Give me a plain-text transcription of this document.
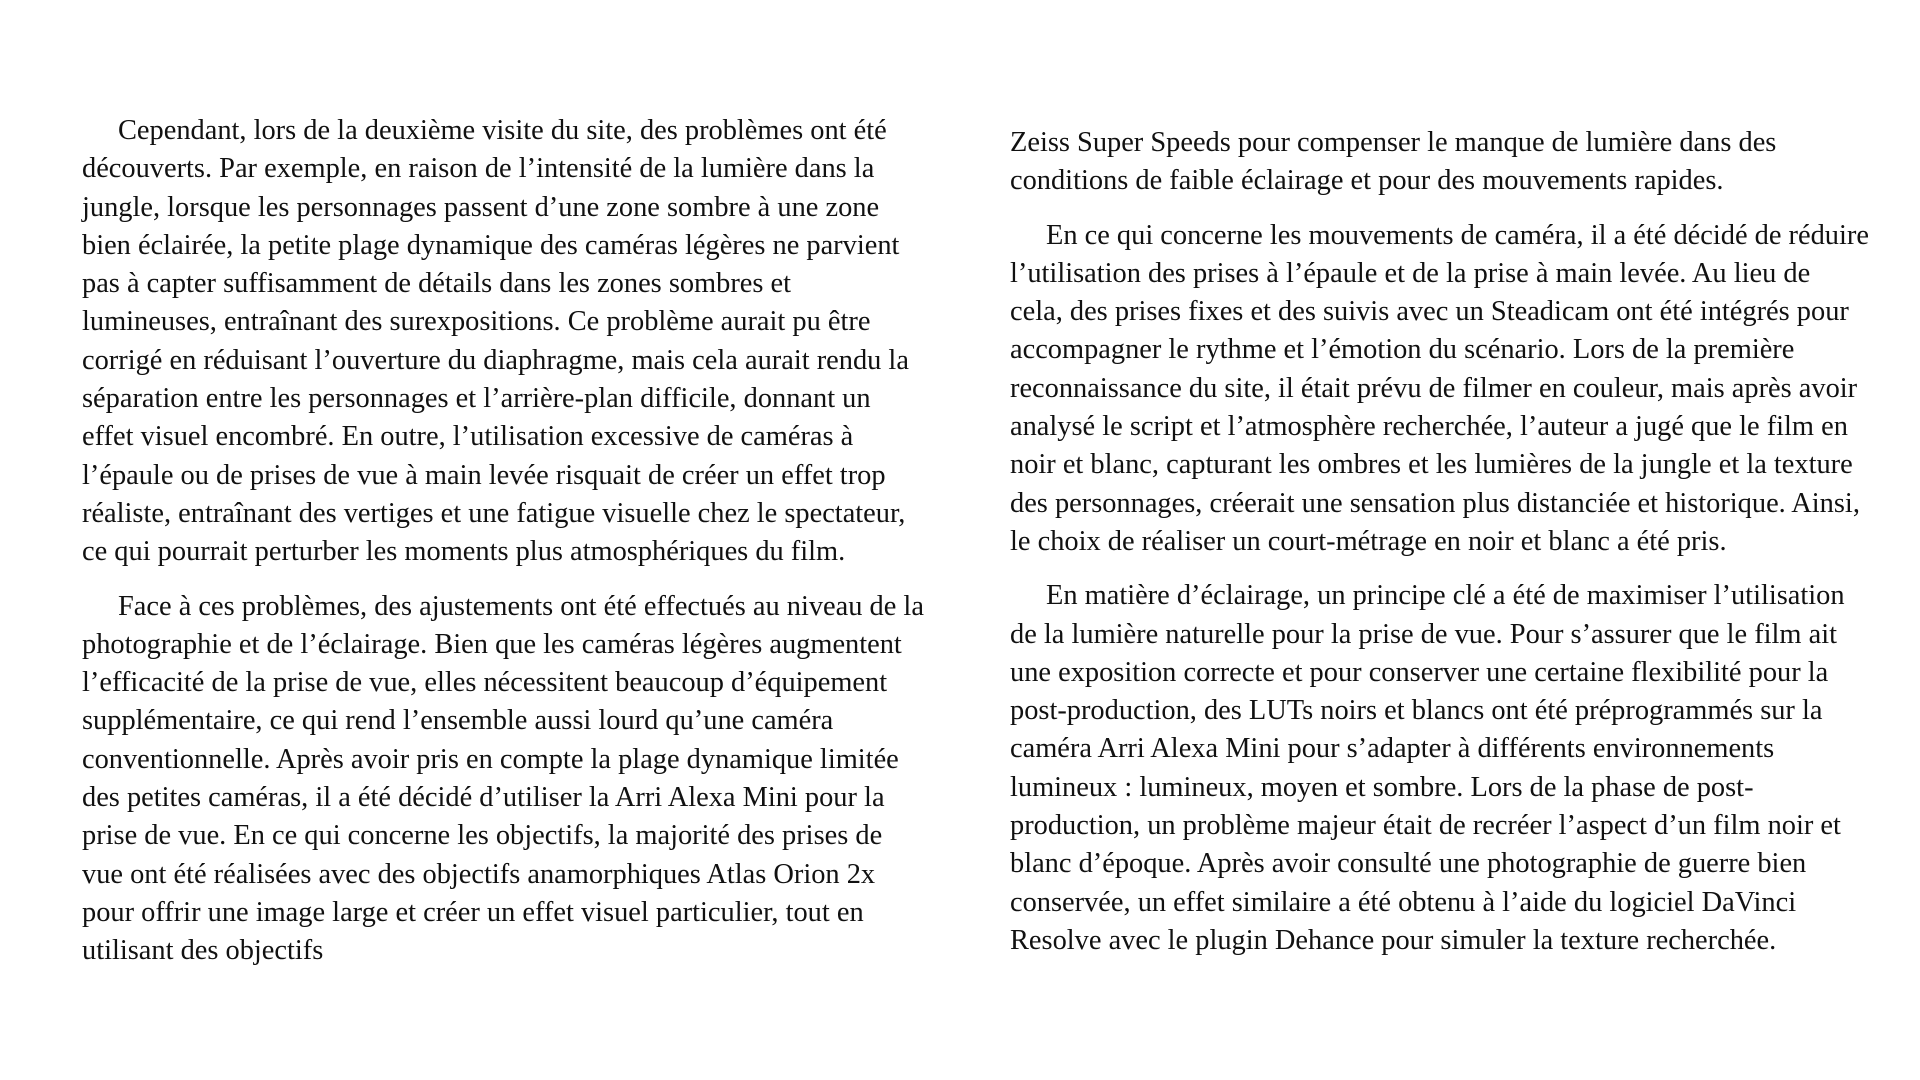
Cependant, lors de la deuxième visite du site, des problèmes ont été découverts. Par exemple, en raison de l’intensité de la lumière dans la jungle, lorsque les personnages passent d’une zone sombre à une zone bien éclairée, la petite plage dynamique des caméras légères ne parvient pas à capter suffisamment de détails dans les zones sombres et lumineuses, entraînant des surexpositions. Ce problème aurait pu être corrigé en réduisant l’ouverture du diaphragme, mais cela aurait rendu la séparation entre les personnages et l’arrière-plan difficile, donnant un effet visuel encombré. En outre, l’utilisation excessive de caméras à l’épaule ou de prises de vue à main levée risquait de créer un effet trop réaliste, entraînant des vertiges et une fatigue visuelle chez le spectateur, ce qui pourrait perturber les moments plus atmosphériques du film.

Face à ces problèmes, des ajustements ont été effectués au niveau de la photographie et de l’éclairage. Bien que les caméras légères augmentent l’efficacité de la prise de vue, elles nécessitent beaucoup d’équipement supplémentaire, ce qui rend l’ensemble aussi lourd qu’une caméra conventionnelle. Après avoir pris en compte la plage dynamique limitée des petites caméras, il a été décidé d’utiliser la Arri Alexa Mini pour la prise de vue. En ce qui concerne les objectifs, la majorité des prises de vue ont été réalisées avec des objectifs anamorphiques Atlas Orion 2x pour offrir une image large et créer un effet visuel particulier, tout en utilisant des objectifs

Zeiss Super Speeds pour compenser le manque de lumière dans des conditions de faible éclairage et pour des mouvements rapides.

En ce qui concerne les mouvements de caméra, il a été décidé de réduire l’utilisation des prises à l’épaule et de la prise à main levée. Au lieu de cela, des prises fixes et des suivis avec un Steadicam ont été intégrés pour accompagner le rythme et l’émotion du scénario. Lors de la première reconnaissance du site, il était prévu de filmer en couleur, mais après avoir analysé le script et l’atmosphère recherchée, l’auteur a jugé que le film en noir et blanc, capturant les ombres et les lumières de la jungle et la texture des personnages, créerait une sensation plus distanciée et historique. Ainsi, le choix de réaliser un court-métrage en noir et blanc a été pris.

En matière d’éclairage, un principe clé a été de maximiser l’utilisation de la lumière naturelle pour la prise de vue. Pour s’assurer que le film ait une exposition correcte et pour conserver une certaine flexibilité pour la post-production, des LUTs noirs et blancs ont été préprogrammés sur la caméra Arri Alexa Mini pour s’adapter à différents environnements lumineux : lumineux, moyen et sombre. Lors de la phase de post-production, un problème majeur était de recréer l’aspect d’un film noir et blanc d’époque. Après avoir consulté une photographie de guerre bien conservée, un effet similaire a été obtenu à l’aide du logiciel DaVinci Resolve avec le plugin Dehance pour simuler la texture recherchée.
